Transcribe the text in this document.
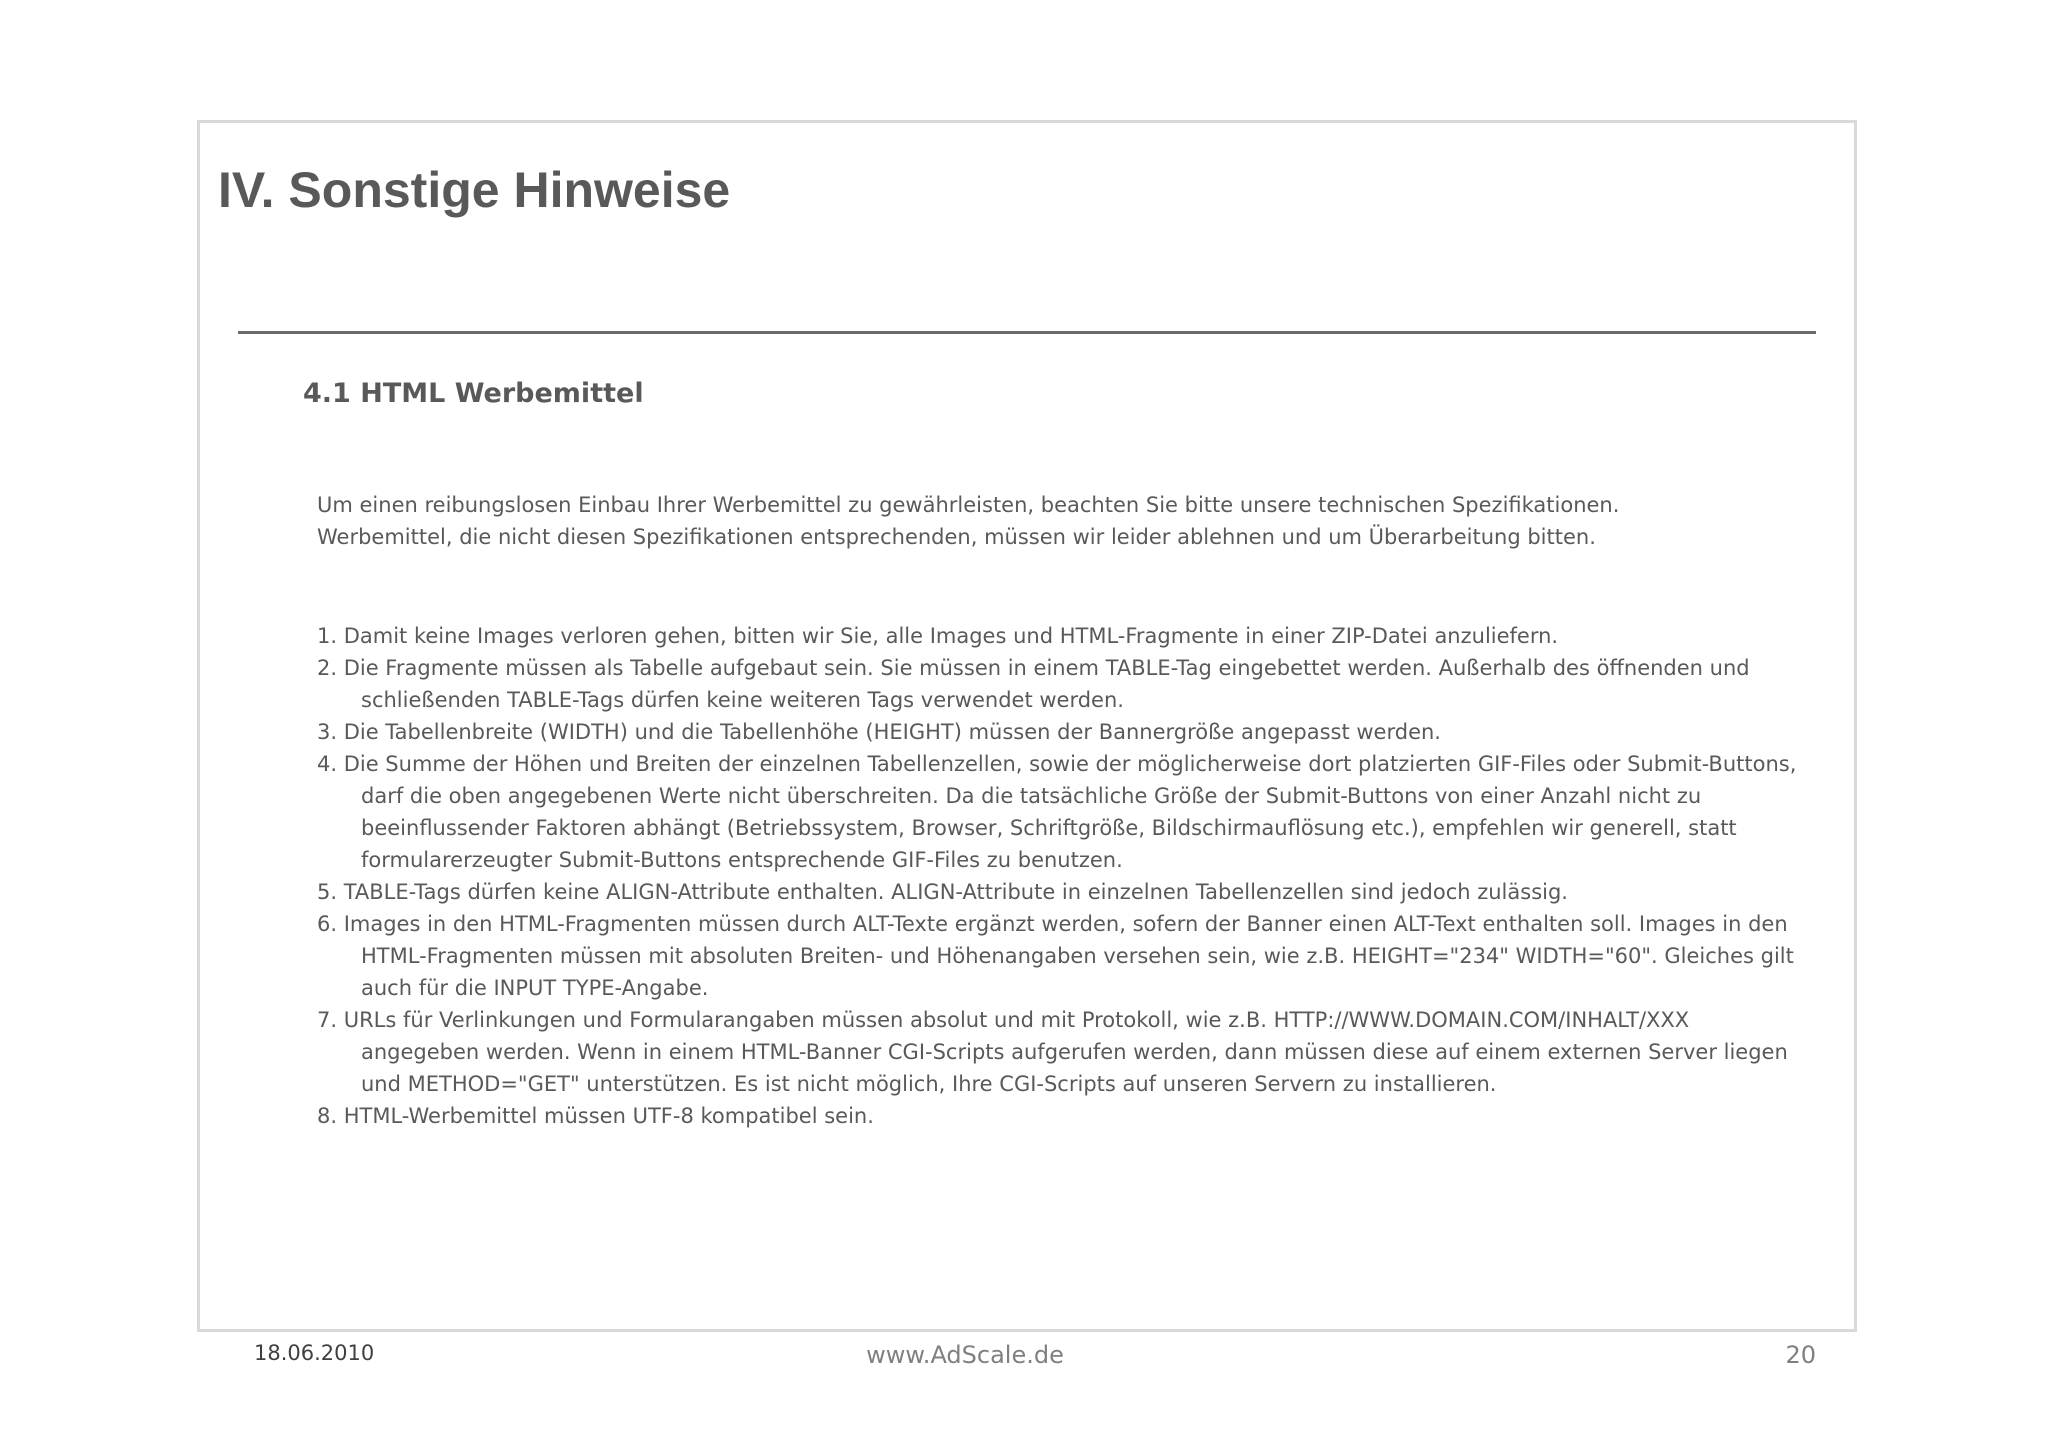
IV. Sonstige Hinweise
4.1 HTML Werbemittel

Um einen reibungslosen Einbau Ihrer Werbemittel zu gewährleisten, beachten Sie bitte unsere technischen Spezifikationen.

Werbemittel, die nicht diesen Spezifikationen entsprechenden, müssen wir leider ablehnen und um Überarbeitung bitten.

1. Damit keine Images verloren gehen, bitten wir Sie, alle Images und HTML-Fragmente in einer ZIP-Datei anzuliefern.
2. Die Fragmente müssen als Tabelle aufgebaut sein. Sie müssen in einem TABLE-Tag eingebettet werden. Außerhalb des öffnenden und schließenden TABLE-Tags dürfen keine weiteren Tags verwendet werden.
3. Die Tabellenbreite (WIDTH) und die Tabellenhöhe (HEIGHT) müssen der Bannergröße angepasst werden.
4. Die Summe der Höhen und Breiten der einzelnen Tabellenzellen, sowie der möglicherweise dort platzierten GIF-Files oder Submit-Buttons, darf die oben angegebenen Werte nicht überschreiten. Da die tatsächliche Größe der Submit-Buttons von einer Anzahl nicht zu beeinflussender Faktoren abhängt (Betriebssystem, Browser, Schriftgröße, Bildschirmauflösung etc.), empfehlen wir generell, statt formularerzeugter Submit-Buttons entsprechende GIF-Files zu benutzen.
5. TABLE-Tags dürfen keine ALIGN-Attribute enthalten. ALIGN-Attribute in einzelnen Tabellenzellen sind jedoch zulässig.
6. Images in den HTML-Fragmenten müssen durch ALT-Texte ergänzt werden, sofern der Banner einen ALT-Text enthalten soll. Images in den HTML-Fragmenten müssen mit absoluten Breiten- und Höhenangaben versehen sein, wie z.B. HEIGHT="234" WIDTH="60". Gleiches gilt auch für die INPUT TYPE-Angabe.
7. URLs für Verlinkungen und Formularangaben müssen absolut und mit Protokoll, wie z.B. HTTP://WWW.DOMAIN.COM/INHALT/XXX angegeben werden. Wenn in einem HTML-Banner CGI-Scripts aufgerufen werden, dann müssen diese auf einem externen Server liegen und METHOD="GET" unterstützen. Es ist nicht möglich, Ihre CGI-Scripts auf unseren Servern zu installieren.
8. HTML-Werbemittel müssen UTF-8 kompatibel sein.

18.06.2010	www.AdScale.de	20
